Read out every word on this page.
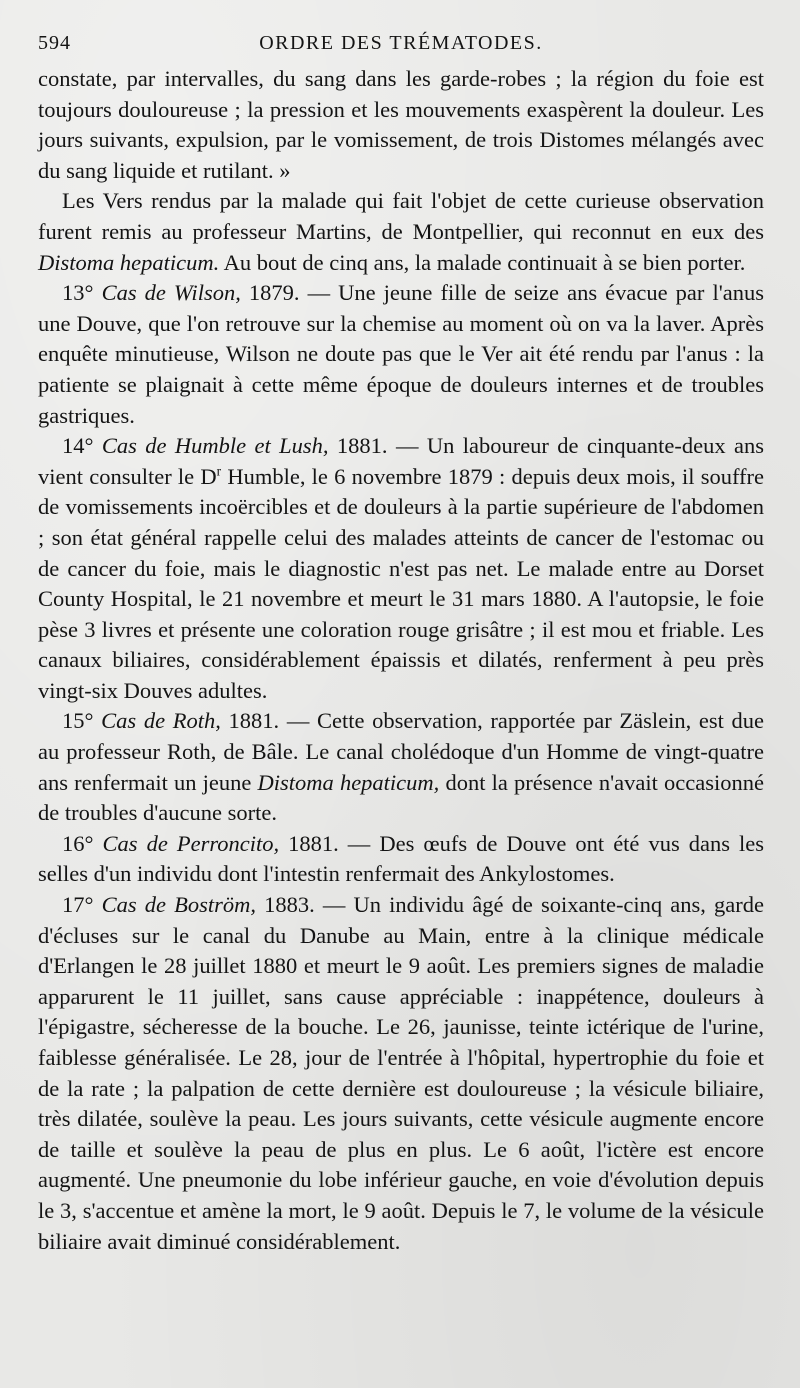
594	ORDRE DES TRÉMATODES.

constate, par intervalles, du sang dans les garde-robes ; la région du foie est toujours douloureuse ; la pression et les mouvements exaspèrent la douleur. Les jours suivants, expulsion, par le vomissement, de trois Distomes mélangés avec du sang liquide et rutilant. »

Les Vers rendus par la malade qui fait l'objet de cette curieuse observation furent remis au professeur Martins, de Montpellier, qui reconnut en eux des Distoma hepaticum. Au bout de cinq ans, la malade continuait à se bien porter.

13° Cas de Wilson, 1879. — Une jeune fille de seize ans évacue par l'anus une Douve, que l'on retrouve sur la chemise au moment où on va la laver. Après enquête minutieuse, Wilson ne doute pas que le Ver ait été rendu par l'anus : la patiente se plaignait à cette même époque de douleurs internes et de troubles gastriques.

14° Cas de Humble et Lush, 1881. — Un laboureur de cinquante-deux ans vient consulter le $D^r$ Humble, le 6 novembre 1879 : depuis deux mois, il souffre de vomissements incoërcibles et de douleurs à la partie supérieure de l'abdomen ; son état général rappelle celui des malades atteints de cancer de l'estomac ou de cancer du foie, mais le diagnostic n'est pas net. Le malade entre au Dorset County Hospital, le 21 novembre et meurt le 31 mars 1880. A l'autopsie, le foie pèse 3 livres et présente une coloration rouge grisâtre ; il est mou et friable. Les canaux biliaires, considérablement épaissis et dilatés, renferment à peu près vingt-six Douves adultes.

15° Cas de Roth, 1881. — Cette observation, rapportée par Zäslein, est due au professeur Roth, de Bâle. Le canal cholédoque d'un Homme de vingt-quatre ans renfermait un jeune Distoma hepaticum, dont la présence n'avait occasionné de troubles d'aucune sorte.

16° Cas de Perroncito, 1881. — Des œufs de Douve ont été vus dans les selles d'un individu dont l'intestin renfermait des Ankylostomes.

17° Cas de Boström, 1883. — Un individu âgé de soixante-cinq ans, garde d'écluses sur le canal du Danube au Main, entre à la clinique médicale d'Erlangen le 28 juillet 1880 et meurt le 9 août. Les premiers signes de maladie apparurent le 11 juillet, sans cause appréciable : inappétence, douleurs à l'épigastre, sécheresse de la bouche. Le 26, jaunisse, teinte ictérique de l'urine, faiblesse généralisée. Le 28, jour de l'entrée à l'hôpital, hypertrophie du foie et de la rate ; la palpation de cette dernière est douloureuse ; la vésicule biliaire, très dilatée, soulève la peau. Les jours suivants, cette vésicule augmente encore de taille et soulève la peau de plus en plus. Le 6 août, l'ictère est encore augmenté. Une pneumonie du lobe inférieur gauche, en voie d'évolution depuis le 3, s'accentue et amène la mort, le 9 août. Depuis le 7, le volume de la vésicule biliaire avait diminué considérablement.
